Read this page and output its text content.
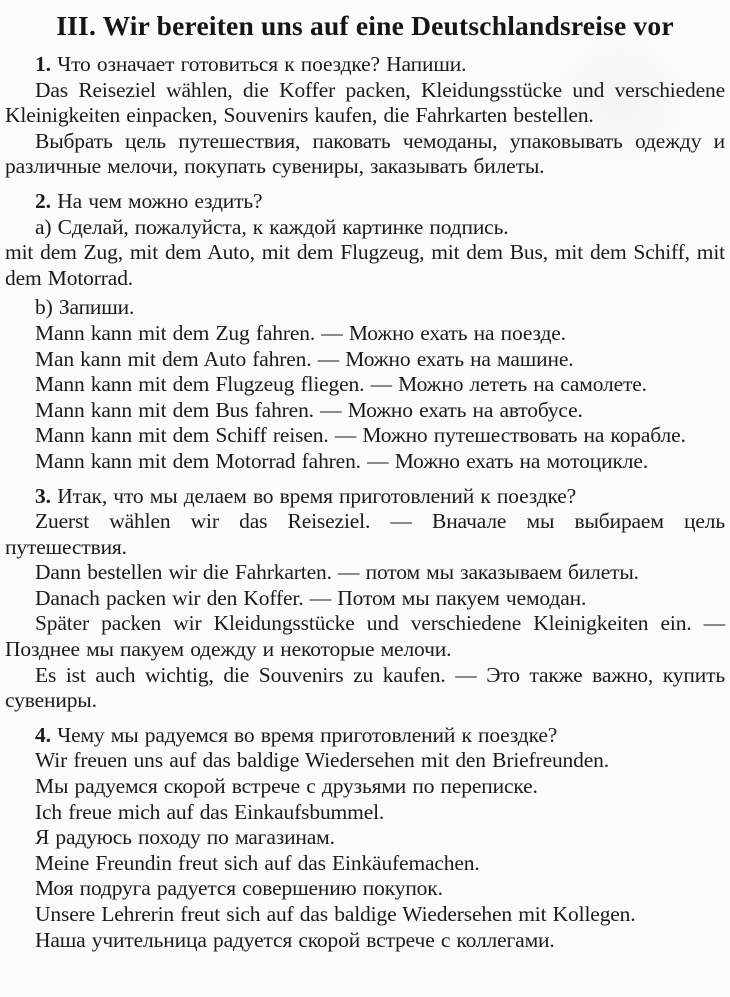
III. Wir bereiten uns auf eine Deutschlandsreise vor

1. Что означает готовиться к поездке? Напиши.

Das Reiseziel wählen, die Koffer packen, Kleidungsstücke und verschiedene Kleinigkeiten einpacken, Souvenirs kaufen, die Fahrkarten bestellen.

Выбрать цель путешествия, паковать чемоданы, упаковывать одежду и различные мелочи, покупать сувениры, заказывать билеты.

2. На чем можно ездить?

а) Сделай, пожалуйста, к каждой картинке подпись.

mit dem Zug, mit dem Auto, mit dem Flugzeug, mit dem Bus, mit dem Schiff, mit dem Motorrad.

b) Запиши.

Mann kann mit dem Zug fahren. — Можно ехать на поезде.

Man kann mit dem Auto fahren. — Можно ехать на машине.

Mann kann mit dem Flugzeug fliegen. — Можно лететь на самолете.

Mann kann mit dem Bus fahren. — Можно ехать на автобусе.

Mann kann mit dem Schiff reisen. — Можно путешествовать на корабле.

Mann kann mit dem Motorrad fahren. — Можно ехать на мотоцикле.

3. Итак, что мы делаем во время приготовлений к поездке?

Zuerst wählen wir das Reiseziel. — Вначале мы выбираем цель путешествия.

Dann bestellen wir die Fahrkarten. — потом мы заказываем билеты.

Danach packen wir den Koffer. — Потом мы пакуем чемодан.

Später packen wir Kleidungsstücke und verschiedene Kleinigkeiten ein. — Позднее мы пакуем одежду и некоторые мелочи.

Es ist auch wichtig, die Souvenirs zu kaufen. — Это также важно, купить сувениры.

4. Чему мы радуемся во время приготовлений к поездке?

Wir freuen uns auf das baldige Wiedersehen mit den Briefreunden.

Мы радуемся скорой встрече с друзьями по переписке.

Ich freue mich auf das Einkaufsbummel.

Я радуюсь походу по магазинам.

Meine Freundin freut sich auf das Einkäufemachen.

Моя подруга радуется совершению покупок.

Unsere Lehrerin freut sich auf das baldige Wiedersehen mit Kollegen.

Наша учительница радуется скорой встрече с коллегами.
